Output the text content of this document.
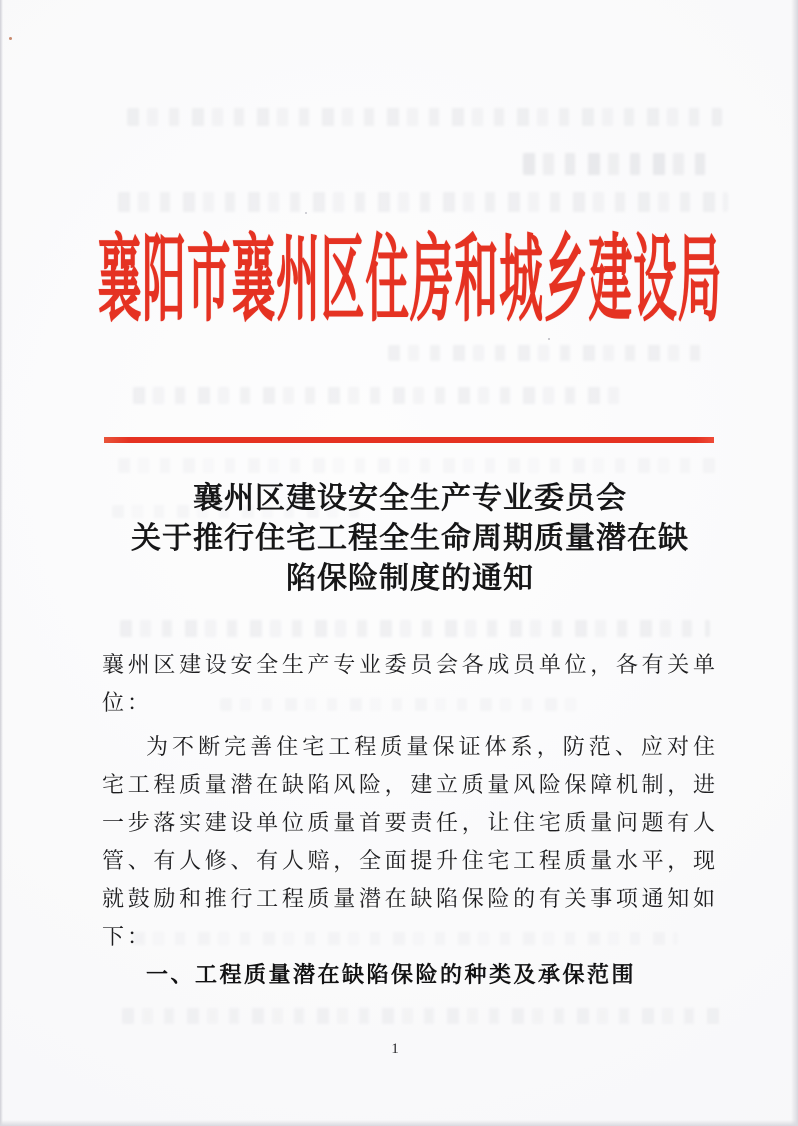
襄阳市襄州区住房和城乡建设局
襄州区建设安全生产专业委员会
关于推行住宅工程全生命周期质量潜在缺
陷保险制度的通知

襄州区建设安全生产专业委员会各成员单位，各有关单位：

为不断完善住宅工程质量保证体系，防范、应对住宅工程质量潜在缺陷风险，建立质量风险保障机制，进一步落实建设单位质量首要责任，让住宅质量问题有人管、有人修、有人赔，全面提升住宅工程质量水平，现就鼓励和推行工程质量潜在缺陷保险的有关事项通知如下：

一、工程质量潜在缺陷保险的种类及承保范围

1
